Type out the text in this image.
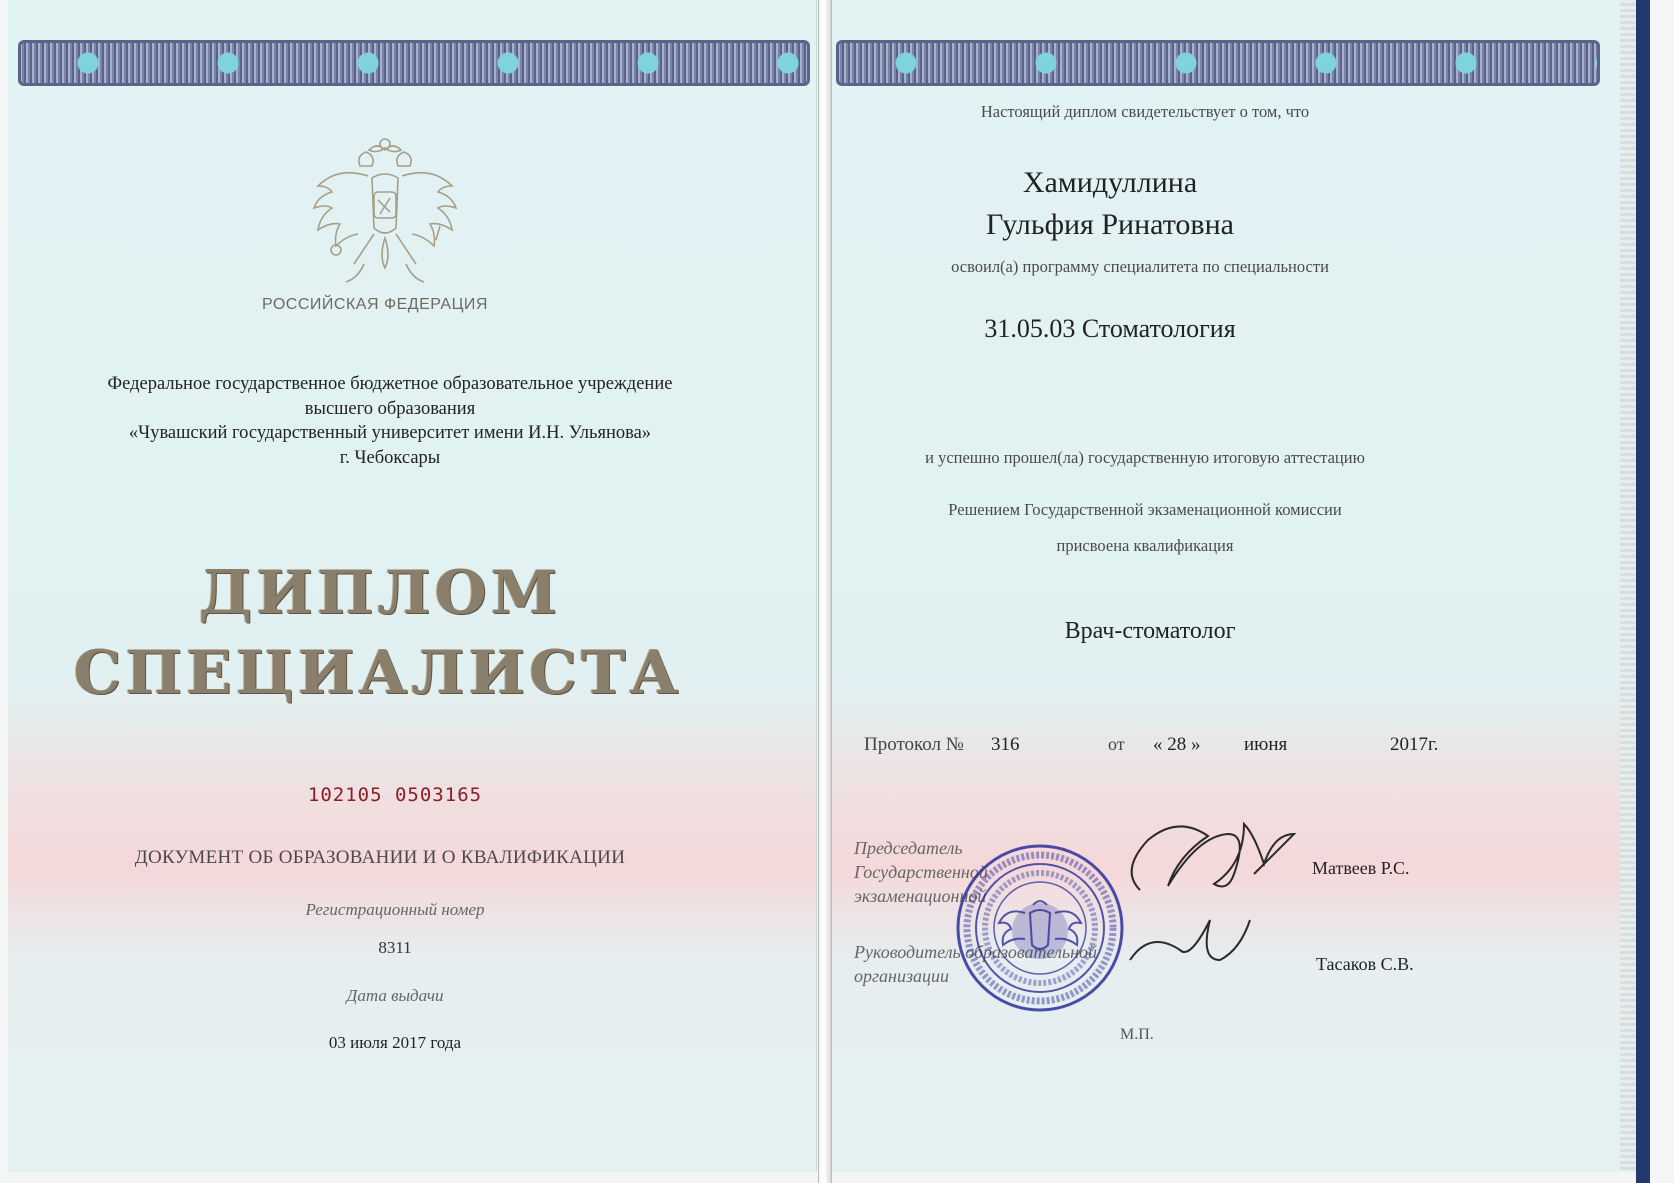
РОССИЙСКАЯ ФЕДЕРАЦИЯ
Федеральное государственное бюджетное образовательное учреждение
высшего образования
«Чувашский государственный университет имени И.Н. Ульянова»
г. Чебоксары
ДИПЛОМ
СПЕЦИАЛИСТА
102105 0503165
ДОКУМЕНТ ОБ ОБРАЗОВАНИИ И О КВАЛИФИКАЦИИ
Регистрационный номер
8311
Дата выдачи
03 июля 2017 года
Настоящий диплом свидетельствует о том, что
Хамидуллина
Гульфия Ринатовна
освоил(а) программу специалитета по специальности
31.05.03 Стоматология
и успешно прошел(ла) государственную итоговую аттестацию
Решением Государственной экзаменационной комиссии
присвоена квалификация
Врач-стоматолог
Протокол № 316	от « 28 » июня	2017г.
Председатель
Государственной
экзаменационной
Матвеев Р.С.
Руководитель образовательной
организации
Тасаков С.В.
М.П.
